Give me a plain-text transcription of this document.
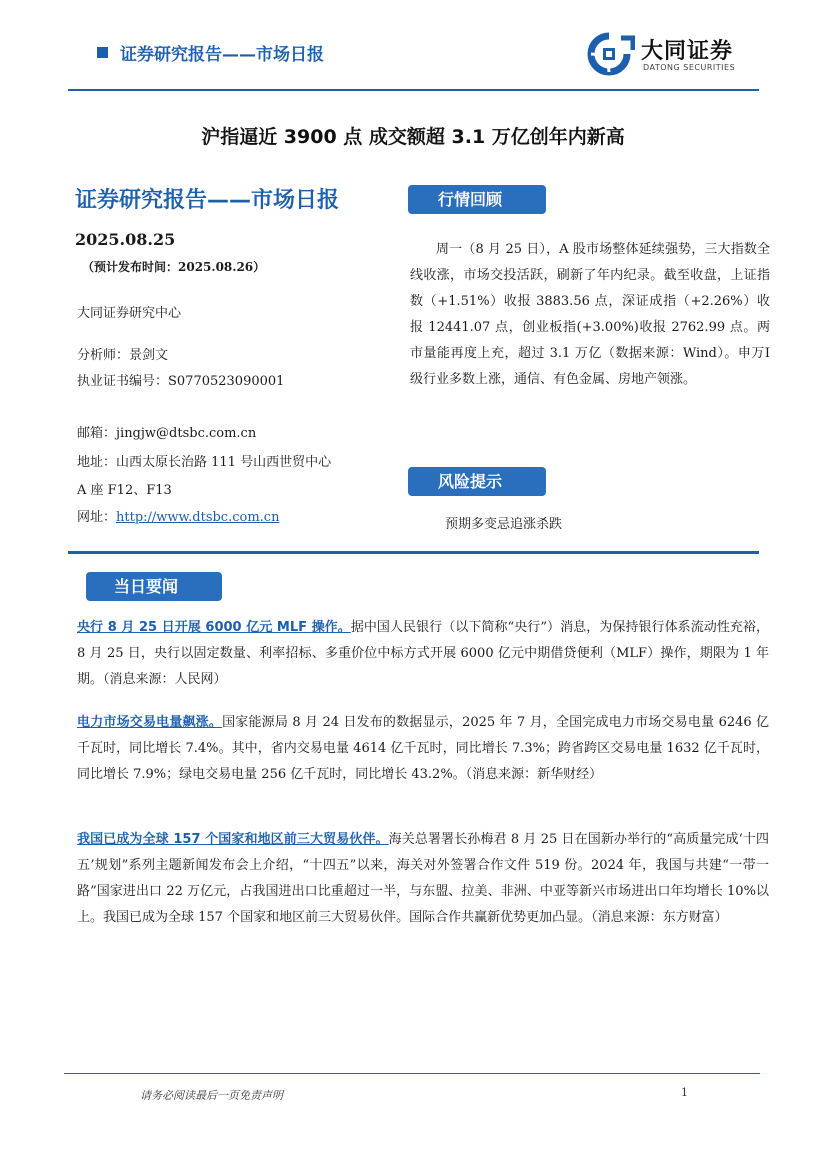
证券研究报告——市场日报	大同证券
DATONG SECURITIES
沪指逼近 3900 点 成交额超 3.1 万亿创年内新高
证券研究报告——市场日报
2025.08.25
（预计发布时间：2025.08.26）
大同证券研究中心
分析师：景剑文
执业证书编号：S0770523090001
邮箱：jingjw@dtsbc.com.cn
地址：山西太原长治路 111 号山西世贸中心
A 座 F12、F13
网址：http://www.dtsbc.com.cn
行情回顾

周一（8 月 25 日），A 股市场整体延续强势，三大指数全线收涨，市场交投活跃，刷新了年内纪录。截至收盘，上证指数（+1.51%）收报 3883.56 点，深证成指（+2.26%）收报 12441.07 点，创业板指(+3.00%)收报 2762.99 点。两市量能再度上充，超过 3.1 万亿（数据来源：Wind）。申万Ⅰ级行业多数上涨，通信、有色金属、房地产领涨。

风险提示
预期多变忌追涨杀跌
当日要闻
央行 8 月 25 日开展 6000 亿元 MLF 操作。据中国人民银行（以下简称“央行”）消息，为保持银行体系流动性充裕，8 月 25 日，央行以固定数量、利率招标、多重价位中标方式开展 6000 亿元中期借贷便利（MLF）操作，期限为 1 年期。（消息来源：人民网）
电力市场交易电量飙涨。国家能源局 8 月 24 日发布的数据显示，2025 年 7 月，全国完成电力市场交易电量 6246 亿千瓦时，同比增长 7.4%。其中，省内交易电量 4614 亿千瓦时，同比增长 7.3%；跨省跨区交易电量 1632 亿千瓦时，同比增长 7.9%；绿电交易电量 256 亿千瓦时，同比增长 43.2%。（消息来源：新华财经）
我国已成为全球 157 个国家和地区前三大贸易伙伴。海关总署署长孙梅君 8 月 25 日在国新办举行的“高质量完成‘十四五’规划”系列主题新闻发布会上介绍，“十四五”以来，海关对外签署合作文件 519 份。2024 年，我国与共建“一带一路”国家进出口 22 万亿元，占我国进出口比重超过一半，与东盟、拉美、非洲、中亚等新兴市场进出口年均增长 10%以上。我国已成为全球 157 个国家和地区前三大贸易伙伴。国际合作共赢新优势更加凸显。（消息来源：东方财富）
请务必阅读最后一页免责声明	1
